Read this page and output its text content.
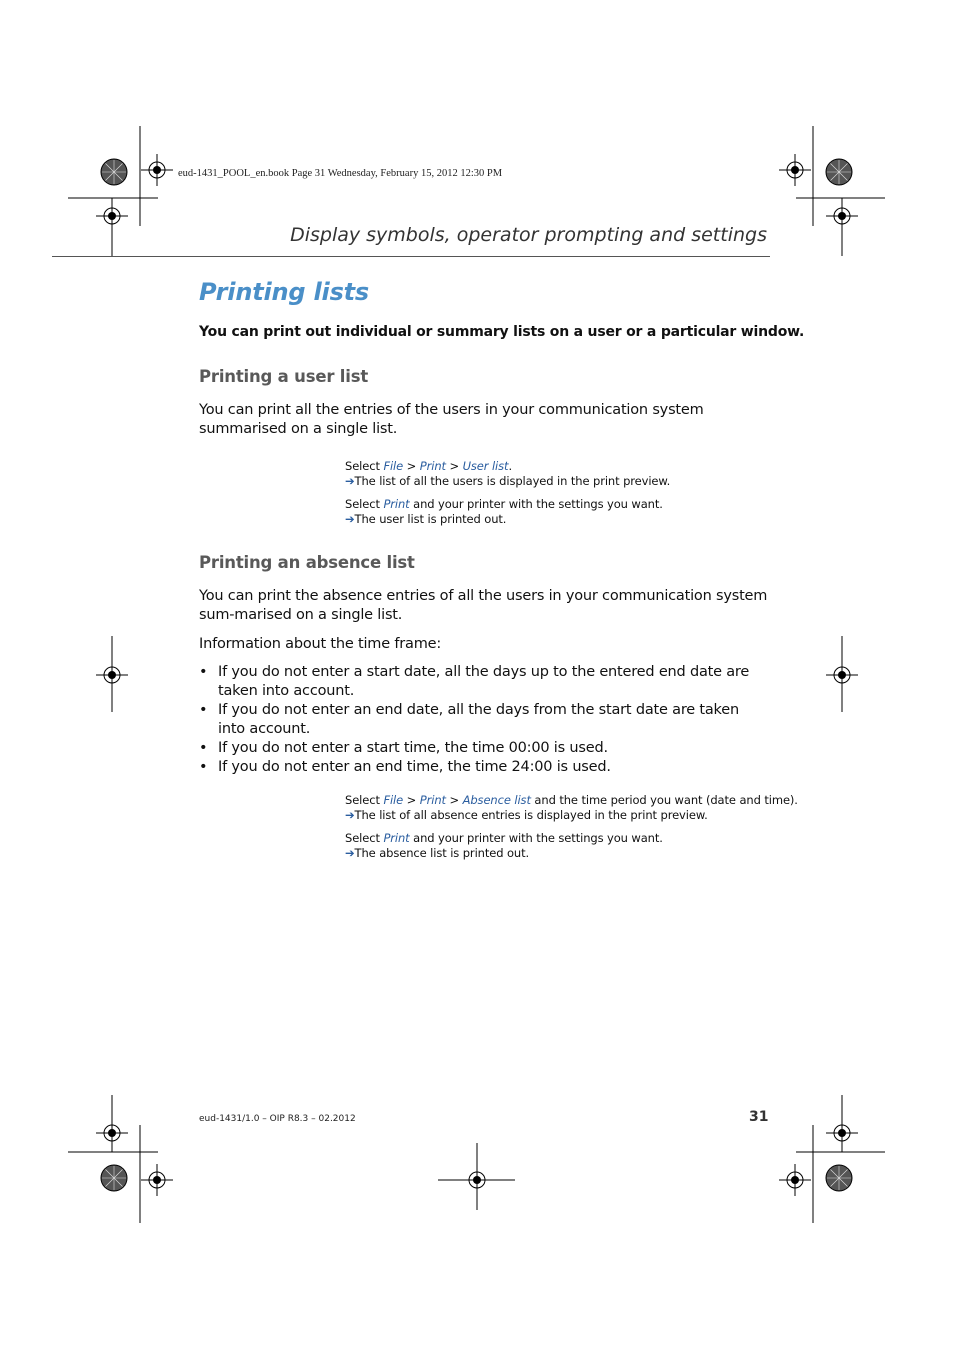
eud-1431_POOL_en.book Page 31 Wednesday, February 15, 2012 12:30 PM
Display symbols, operator prompting and settings
Printing lists
You can print out individual or summary lists on a user or a particular window.
Printing a user list
You can print all the entries of the users in your communication system summarised on a single list.
Select File > Print > User list.
➔The list of all the users is displayed in the print preview.
Select Print and your printer with the settings you want.
➔The user list is printed out.
Printing an absence list
You can print the absence entries of all the users in your communication system sum-marised on a single list.
Information about the time frame:
• If you do not enter a start date, all the days up to the entered end date are taken into account.
• If you do not enter an end date, all the days from the start date are taken into account.
• If you do not enter a start time, the time 00:00 is used.
• If you do not enter an end time, the time 24:00 is used.
Select File > Print > Absence list and the time period you want (date and time).
➔The list of all absence entries is displayed in the print preview.
Select Print and your printer with the settings you want.
➔The absence list is printed out.
eud-1431/1.0 – OIP R8.3 – 02.2012	31
